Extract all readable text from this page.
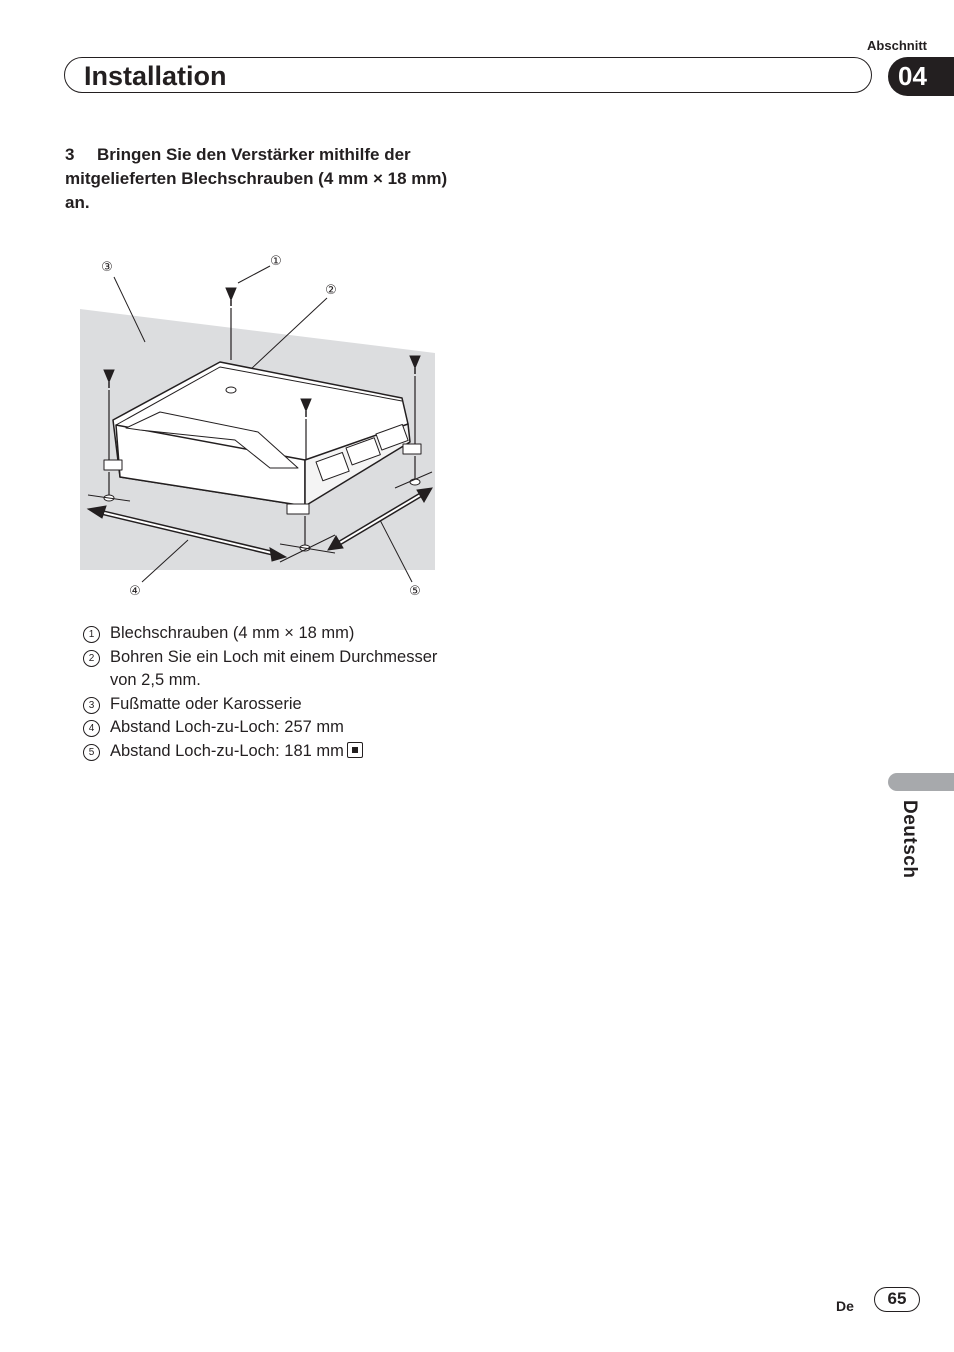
Abschnitt
Installation	04
3 Bringen Sie den Verstärker mithilfe der mitgelieferten Blechschrauben (4 mm × 18 mm) an.
①
②
③
④	⑤
1 Blechschrauben (4 mm × 18 mm)
2 Bohren Sie ein Loch mit einem Durchmesser von 2,5 mm.
3 Fußmatte oder Karosserie
4 Abstand Loch-zu-Loch: 257 mm
5 Abstand Loch-zu-Loch: 181 mm
Deutsch
De	65
